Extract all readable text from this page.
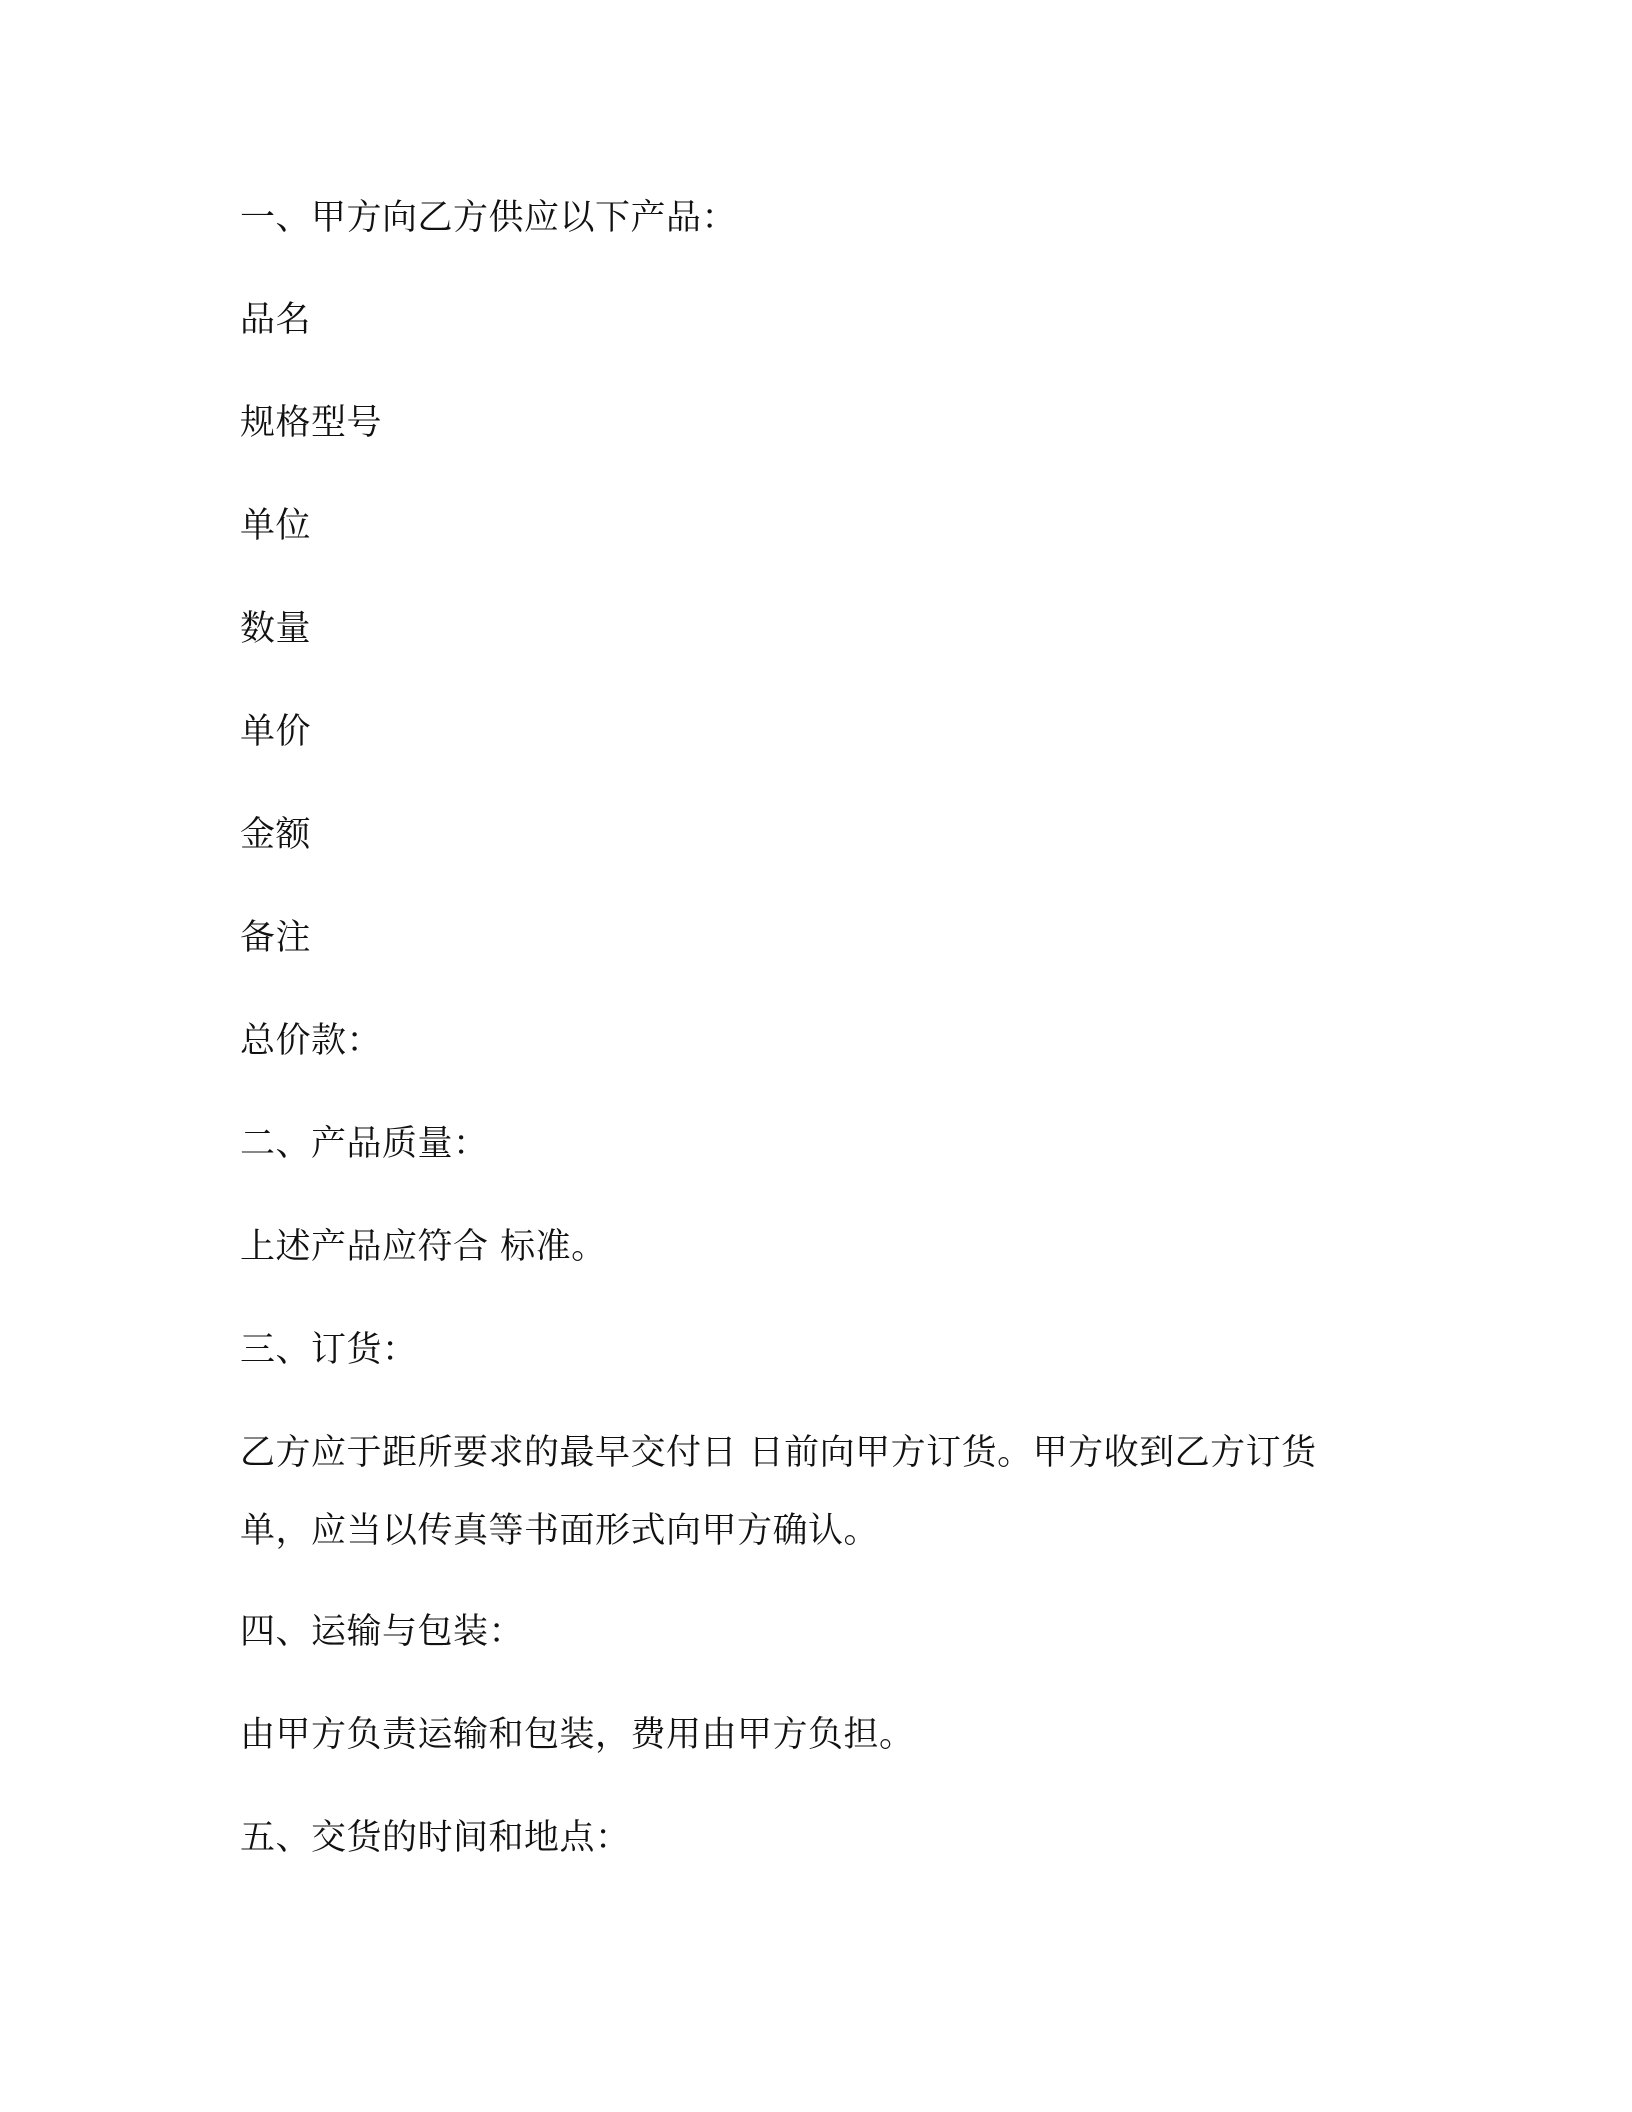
一、甲方向乙方供应以下产品：
品名
规格型号
单位
数量
单价
金额
备注
总价款：
二、产品质量：
上述产品应符合 标准。
三、订货：
乙方应于距所要求的最早交付日 日前向甲方订货。甲方收到乙方订货
单，应当以传真等书面形式向甲方确认。
四、运输与包装：
由甲方负责运输和包装，费用由甲方负担。
五、交货的时间和地点：
